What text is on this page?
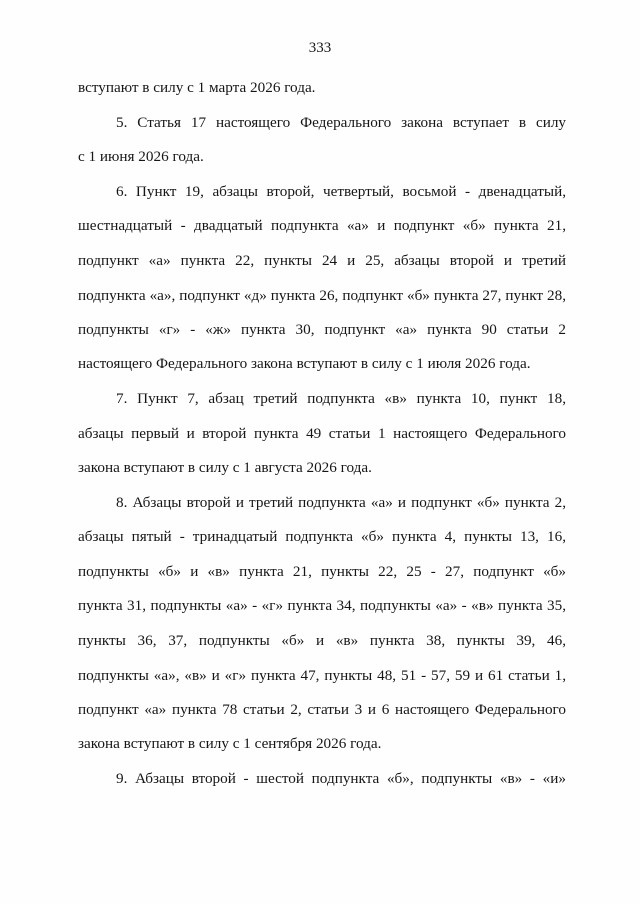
333
вступают в силу с 1 марта 2026 года.
5. Статья 17 настоящего Федерального закона вступает в силу
с 1 июня 2026 года.
6. Пункт 19, абзацы второй, четвертый, восьмой - двенадцатый,
шестнадцатый - двадцатый подпункта «а» и подпункт «б» пункта 21,
подпункт «а» пункта 22, пункты 24 и 25, абзацы второй и третий
подпункта «а», подпункт «д» пункта 26, подпункт «б» пункта 27, пункт 28,
подпункты «г» - «ж» пункта 30, подпункт «а» пункта 90 статьи 2
настоящего Федерального закона вступают в силу с 1 июля 2026 года.
7. Пункт 7, абзац третий подпункта «в» пункта 10, пункт 18,
абзацы первый и второй пункта 49 статьи 1 настоящего Федерального
закона вступают в силу с 1 августа 2026 года.
8. Абзацы второй и третий подпункта «а» и подпункт «б» пункта 2,
абзацы пятый - тринадцатый подпункта «б» пункта 4, пункты 13, 16,
подпункты «б» и «в» пункта 21, пункты 22, 25 - 27, подпункт «б»
пункта 31, подпункты «а» - «г» пункта 34, подпункты «а» - «в» пункта 35,
пункты 36, 37, подпункты «б» и «в» пункта 38, пункты 39, 46,
подпункты «а», «в» и «г» пункта 47, пункты 48, 51 - 57, 59 и 61 статьи 1,
подпункт «а» пункта 78 статьи 2, статьи 3 и 6 настоящего Федерального
закона вступают в силу с 1 сентября 2026 года.
9. Абзацы второй - шестой подпункта «б», подпункты «в» - «и»
